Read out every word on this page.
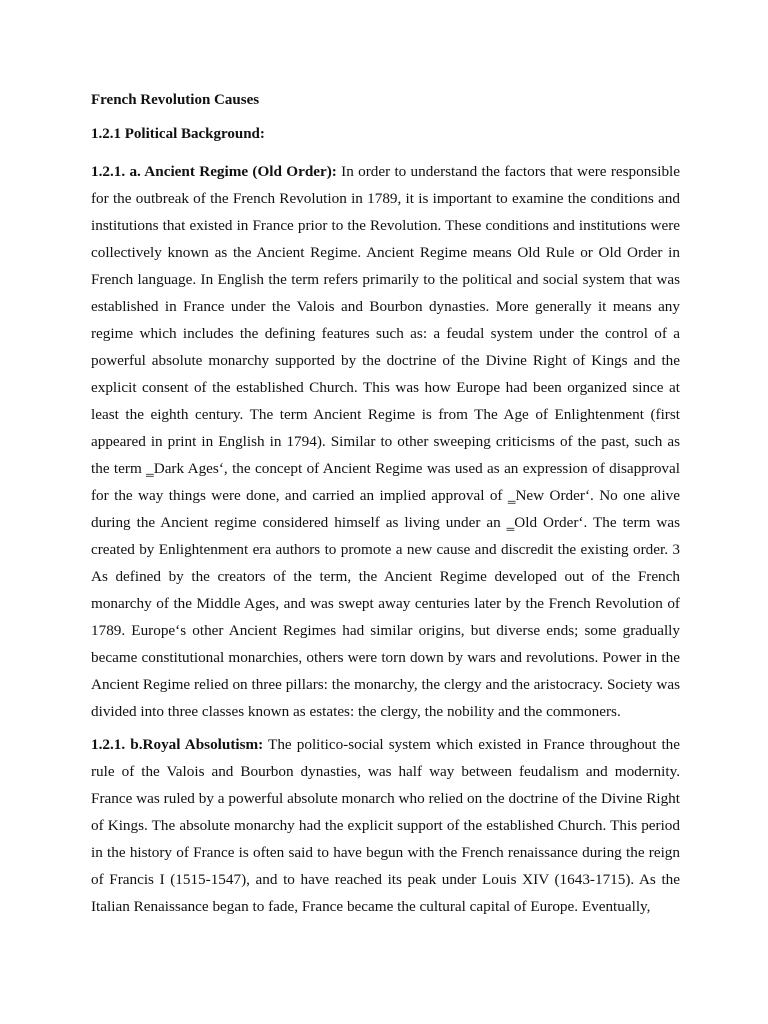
French Revolution Causes
1.2.1 Political Background:

1.2.1. a. Ancient Regime (Old Order): In order to understand the factors that were responsible for the outbreak of the French Revolution in 1789, it is important to examine the conditions and institutions that existed in France prior to the Revolution. These conditions and institutions were collectively known as the Ancient Regime. Ancient Regime means Old Rule or Old Order in French language. In English the term refers primarily to the political and social system that was established in France under the Valois and Bourbon dynasties. More generally it means any regime which includes the defining features such as: a feudal system under the control of a powerful absolute monarchy supported by the doctrine of the Divine Right of Kings and the explicit consent of the established Church. This was how Europe had been organized since at least the eighth century. The term Ancient Regime is from The Age of Enlightenment (first appeared in print in English in 1794). Similar to other sweeping criticisms of the past, such as the term ‗Dark Ages‘, the concept of Ancient Regime was used as an expression of disapproval for the way things were done, and carried an implied approval of ‗New Order‘. No one alive during the Ancient regime considered himself as living under an ‗Old Order‘. The term was created by Enlightenment era authors to promote a new cause and discredit the existing order. 3 As defined by the creators of the term, the Ancient Regime developed out of the French monarchy of the Middle Ages, and was swept away centuries later by the French Revolution of 1789. Europe‘s other Ancient Regimes had similar origins, but diverse ends; some gradually became constitutional monarchies, others were torn down by wars and revolutions. Power in the Ancient Regime relied on three pillars: the monarchy, the clergy and the aristocracy. Society was divided into three classes known as estates: the clergy, the nobility and the commoners.

1.2.1. b.Royal Absolutism: The politico-social system which existed in France throughout the rule of the Valois and Bourbon dynasties, was half way between feudalism and modernity. France was ruled by a powerful absolute monarch who relied on the doctrine of the Divine Right of Kings. The absolute monarchy had the explicit support of the established Church. This period in the history of France is often said to have begun with the French renaissance during the reign of Francis I (1515-1547), and to have reached its peak under Louis XIV (1643-1715). As the Italian Renaissance began to fade, France became the cultural capital of Europe. Eventually,
